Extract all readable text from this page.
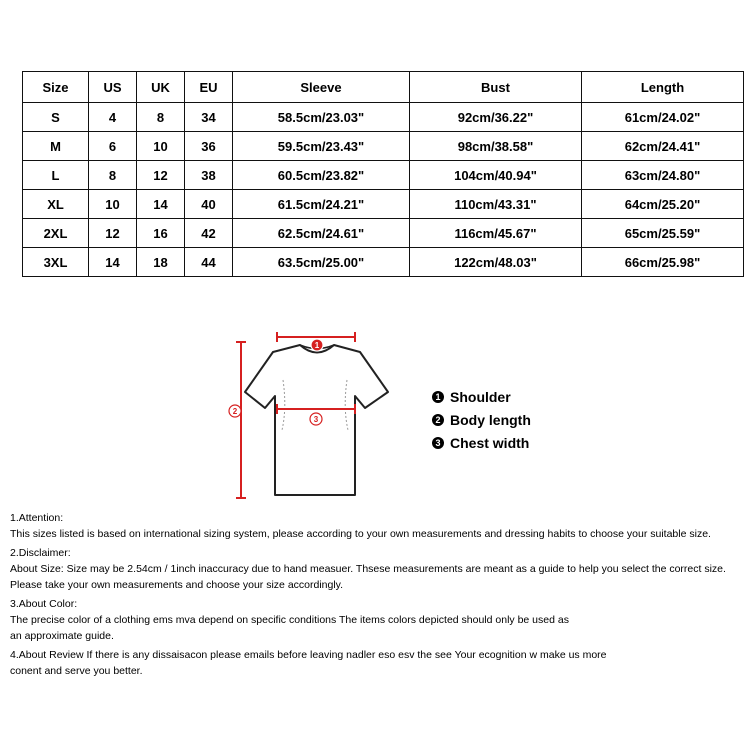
Size	US	UK	EU	Sleeve	Bust	Length
S	4	8	34	58.5cm/23.03"	92cm/36.22"	61cm/24.02"
M	6	10	36	59.5cm/23.43"	98cm/38.58"	62cm/24.41"
L	8	12	38	60.5cm/23.82"	104cm/40.94"	63cm/24.80"
XL	10	14	40	61.5cm/24.21"	110cm/43.31"	64cm/25.20"
2XL	12	16	42	62.5cm/24.61"	116cm/45.67"	65cm/25.59"
3XL	14	18	44	63.5cm/25.00"	122cm/48.03"	66cm/25.98"
1
2
3
1 Shoulder
2 Body length
3 Chest width
1.Attention:
This sizes listed is based on international sizing system, please according to your own measurements and dressing habits to choose your suitable size.
2.Disclaimer:
About Size: Size may be 2.54cm / 1inch inaccuracy due to hand measuer. Thsese measurements are meant as a guide to help you select the correct size.
Please take your own measurements and choose your size accordingly.
3.About Color:
The precise color of a clothing ems mva depend on specific conditions The items colors depicted should only be used as
an approximate guide.
4.About Review If there is any dissaisacon please emails before leaving nadler eso esv the see Your ecognition w make us more
conent and serve you better.
